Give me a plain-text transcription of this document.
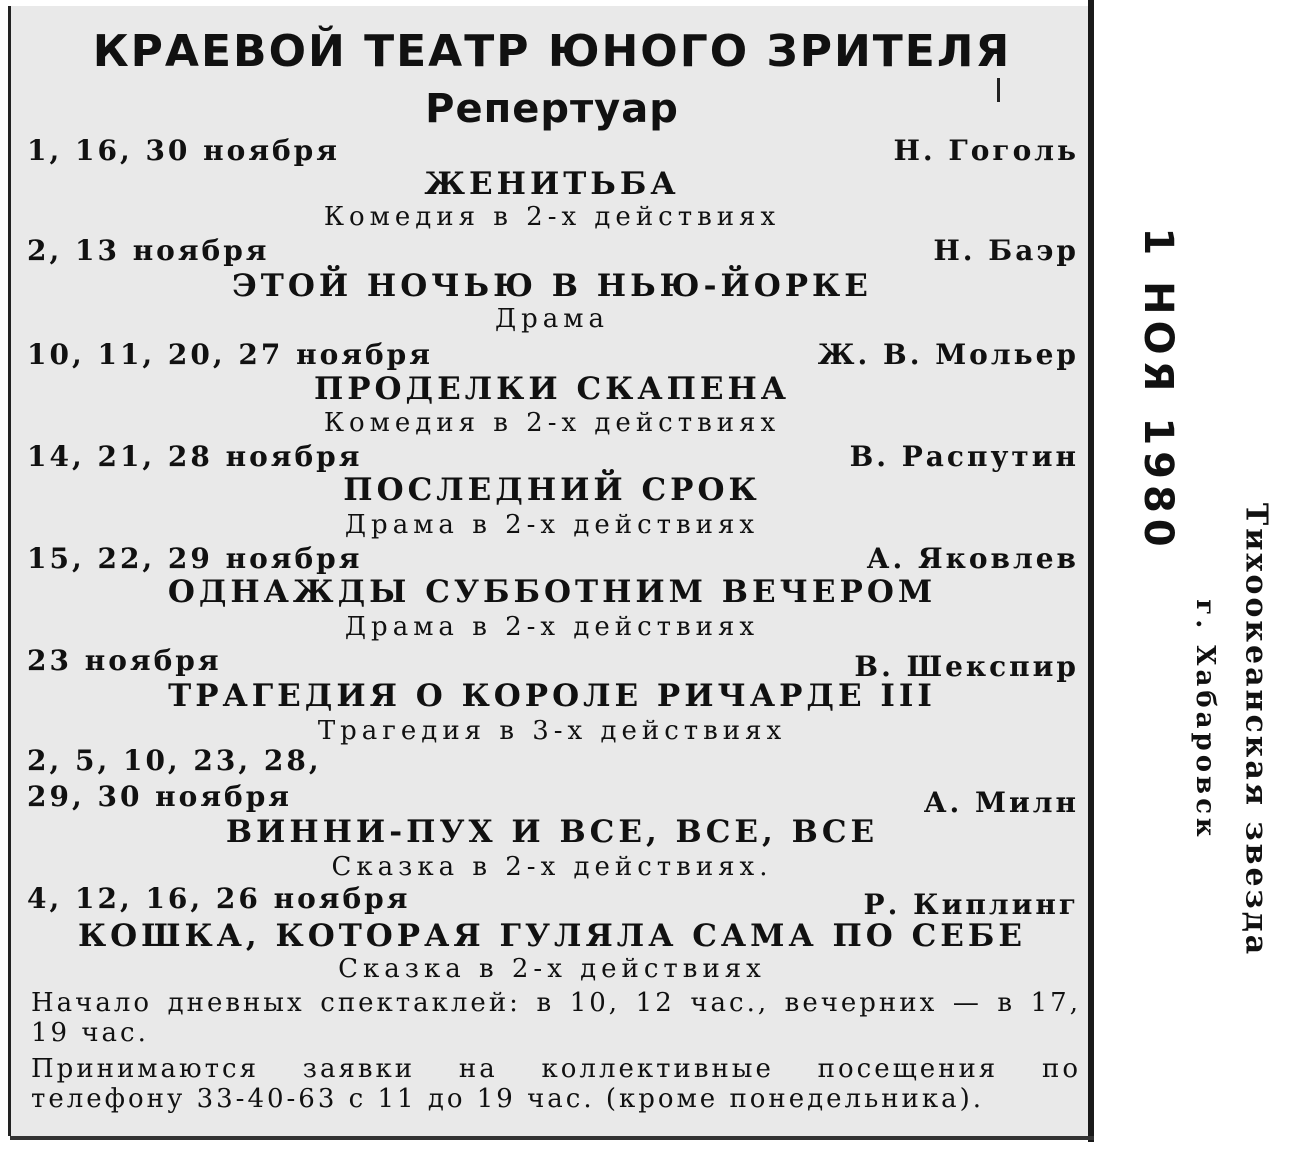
КРАЕВОЙ ТЕАТР ЮНОГО ЗРИТЕЛЯ
Репертуар
1, 16, 30 ноября	Н. Гоголь
ЖЕНИТЬБА
Комедия в 2-х действиях
2, 13 ноября	Н. Баэр
ЭТОЙ НОЧЬЮ В НЬЮ-ЙОРКЕ
Драма
10, 11, 20, 27 ноября	Ж. В. Мольер
ПРОДЕЛКИ СКАПЕНА
Комедия в 2-х действиях
14, 21, 28 ноября	В. Распутин
ПОСЛЕДНИЙ СРОК
Драма в 2-х действиях
15, 22, 29 ноября	А. Яковлев
ОДНАЖДЫ СУББОТНИМ ВЕЧЕРОМ
Драма в 2-х действиях
23 ноября	В. Шекспир
ТРАГЕДИЯ О КОРОЛЕ РИЧАРДЕ III
Трагедия в 3-х действиях
2, 5, 10, 23, 28,
29, 30 ноября	А. Милн
ВИННИ-ПУХ И ВСЕ, ВСЕ, ВСЕ
Сказка в 2-х действиях.
4, 12, 16, 26 ноября	Р. Киплинг
КОШКА, КОТОРАЯ ГУЛЯЛА САМА ПО СЕБЕ
Сказка в 2-х действиях
Начало дневных спектаклей: в 10, 12 час., вечерних — в 17, 19 час.
Принимаются заявки на коллективные посещения по телефону 33-40-63 с 11 до 19 час. (кроме понедельника).
1 НОЯ 1980
Тихоокеанская звезда
г. Хабаровск
